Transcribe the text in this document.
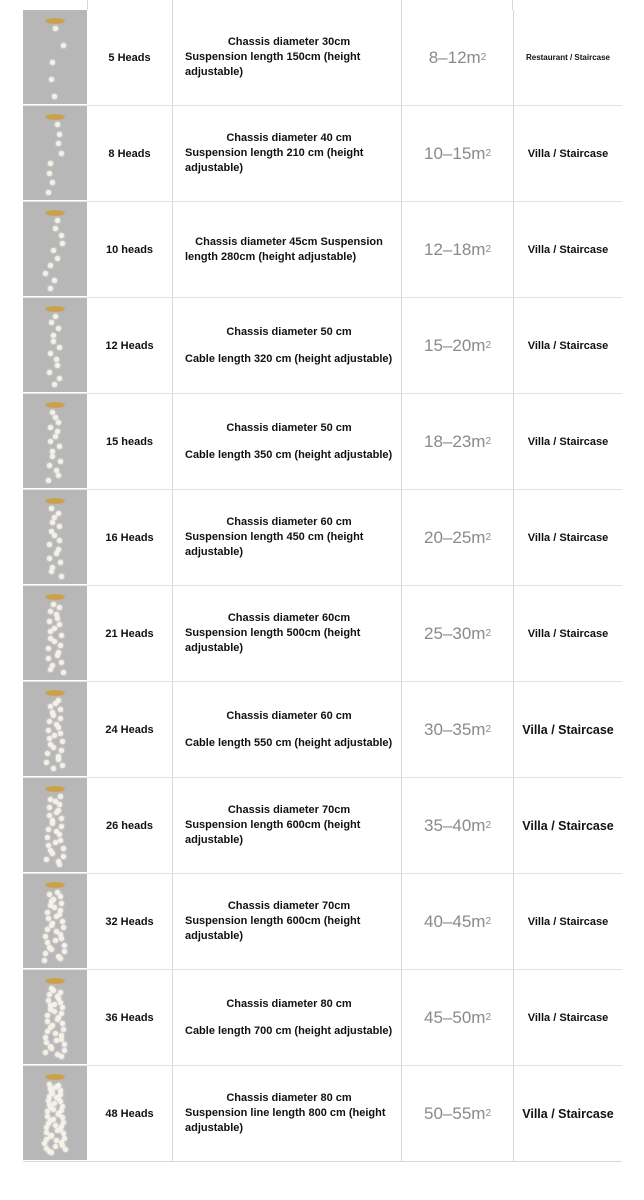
5 Heads
Chassis diameter 30cm
Suspension length 150cm (height adjustable)
8–12m 2	Restaurant / Staircase
8 Heads
Chassis diameter 40 cm
Suspension length 210 cm (height adjustable)
10–15m 2	Villa / Staircase
10 heads
Chassis diameter 45cm Suspension
length 280cm (height adjustable)	12–18m 2	Villa / Staircase
12 Heads
Chassis diameter 50 cm
Cable length 320 cm (height adjustable)
15–20m 2	Villa / Staircase
15 heads
Chassis diameter 50 cm
Cable length 350 cm (height adjustable)
18–23m 2	Villa / Staircase
16 Heads
Chassis diameter 60 cm
Suspension length 450 cm (height adjustable)
20–25m 2	Villa / Staircase
21 Heads
Chassis diameter 60cm
Suspension length 500cm (height adjustable)
25–30m 2	Villa / Staircase
24 Heads
Chassis diameter 60 cm
Cable length 550 cm (height adjustable)
30–35m 2	Villa / Staircase
26 heads
Chassis diameter 70cm
Suspension length 600cm (height adjustable)
35–40m 2	Villa / Staircase
32 Heads
Chassis diameter 70cm
Suspension length 600cm (height adjustable)
40–45m 2	Villa / Staircase
36 Heads
Chassis diameter 80 cm
Cable length 700 cm (height adjustable)
45–50m 2	Villa / Staircase
48 Heads
Chassis diameter 80 cm
Suspension line length 800 cm (height adjustable)
50–55m 2	Villa / Staircase
